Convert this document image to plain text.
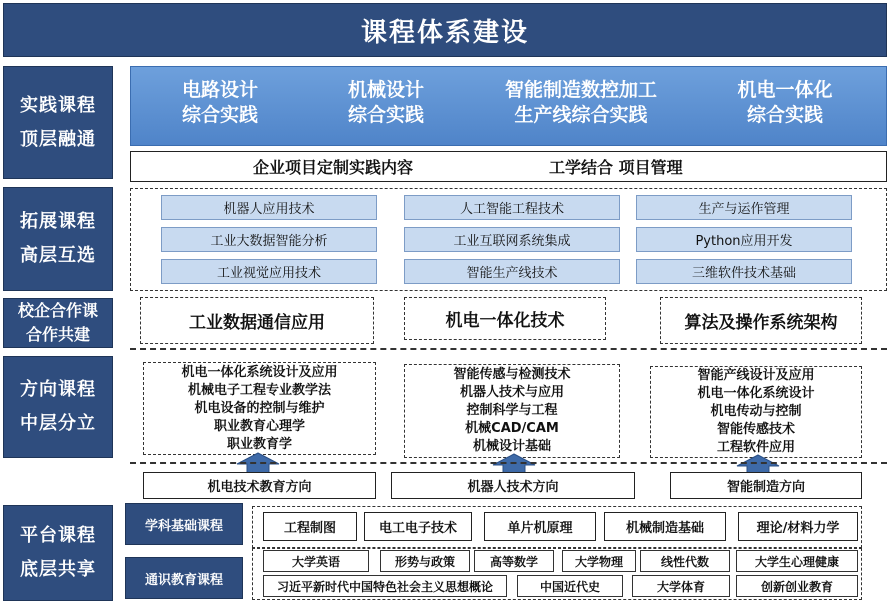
课程体系建设
实践课程
顶层融通
拓展课程
高层互选
校企合作课
合作共建
方向课程
中层分立
平台课程
底层共享
电路设计
综合实践
机械设计
综合实践
智能制造数控加工
生产线综合实践
机电一体化
综合实践
企业项目定制实践内容	工学结合 项目管理
机器人应用技术	人工智能工程技术	生产与运作管理
工业大数据智能分析	工业互联网系统集成	Python应用开发
工业视觉应用技术	智能生产线技术	三维软件技术基础
工业数据通信应用	机电一体化技术	算法及操作系统架构
机电一体化系统设计及应用
机械电子工程专业教学法
机电设备的控制与维护
职业教育心理学
职业教育学
智能传感与检测技术
机器人技术与应用
控制科学与工程
机械CAD/CAM
机械设计基础
智能产线设计及应用
机电一体化系统设计
机电传动与控制
智能传感技术
工程软件应用
机电技术教育方向	机器人技术方向	智能制造方向
学科基础课程	工程制图	电工电子技术	单片机原理	机械制造基础	理论/材料力学
通识教育课程
大学英语	形势与政策	高等数学	大学物理	线性代数	大学生心理健康
习近平新时代中国特色社会主义思想概论	中国近代史	大学体育	创新创业教育
